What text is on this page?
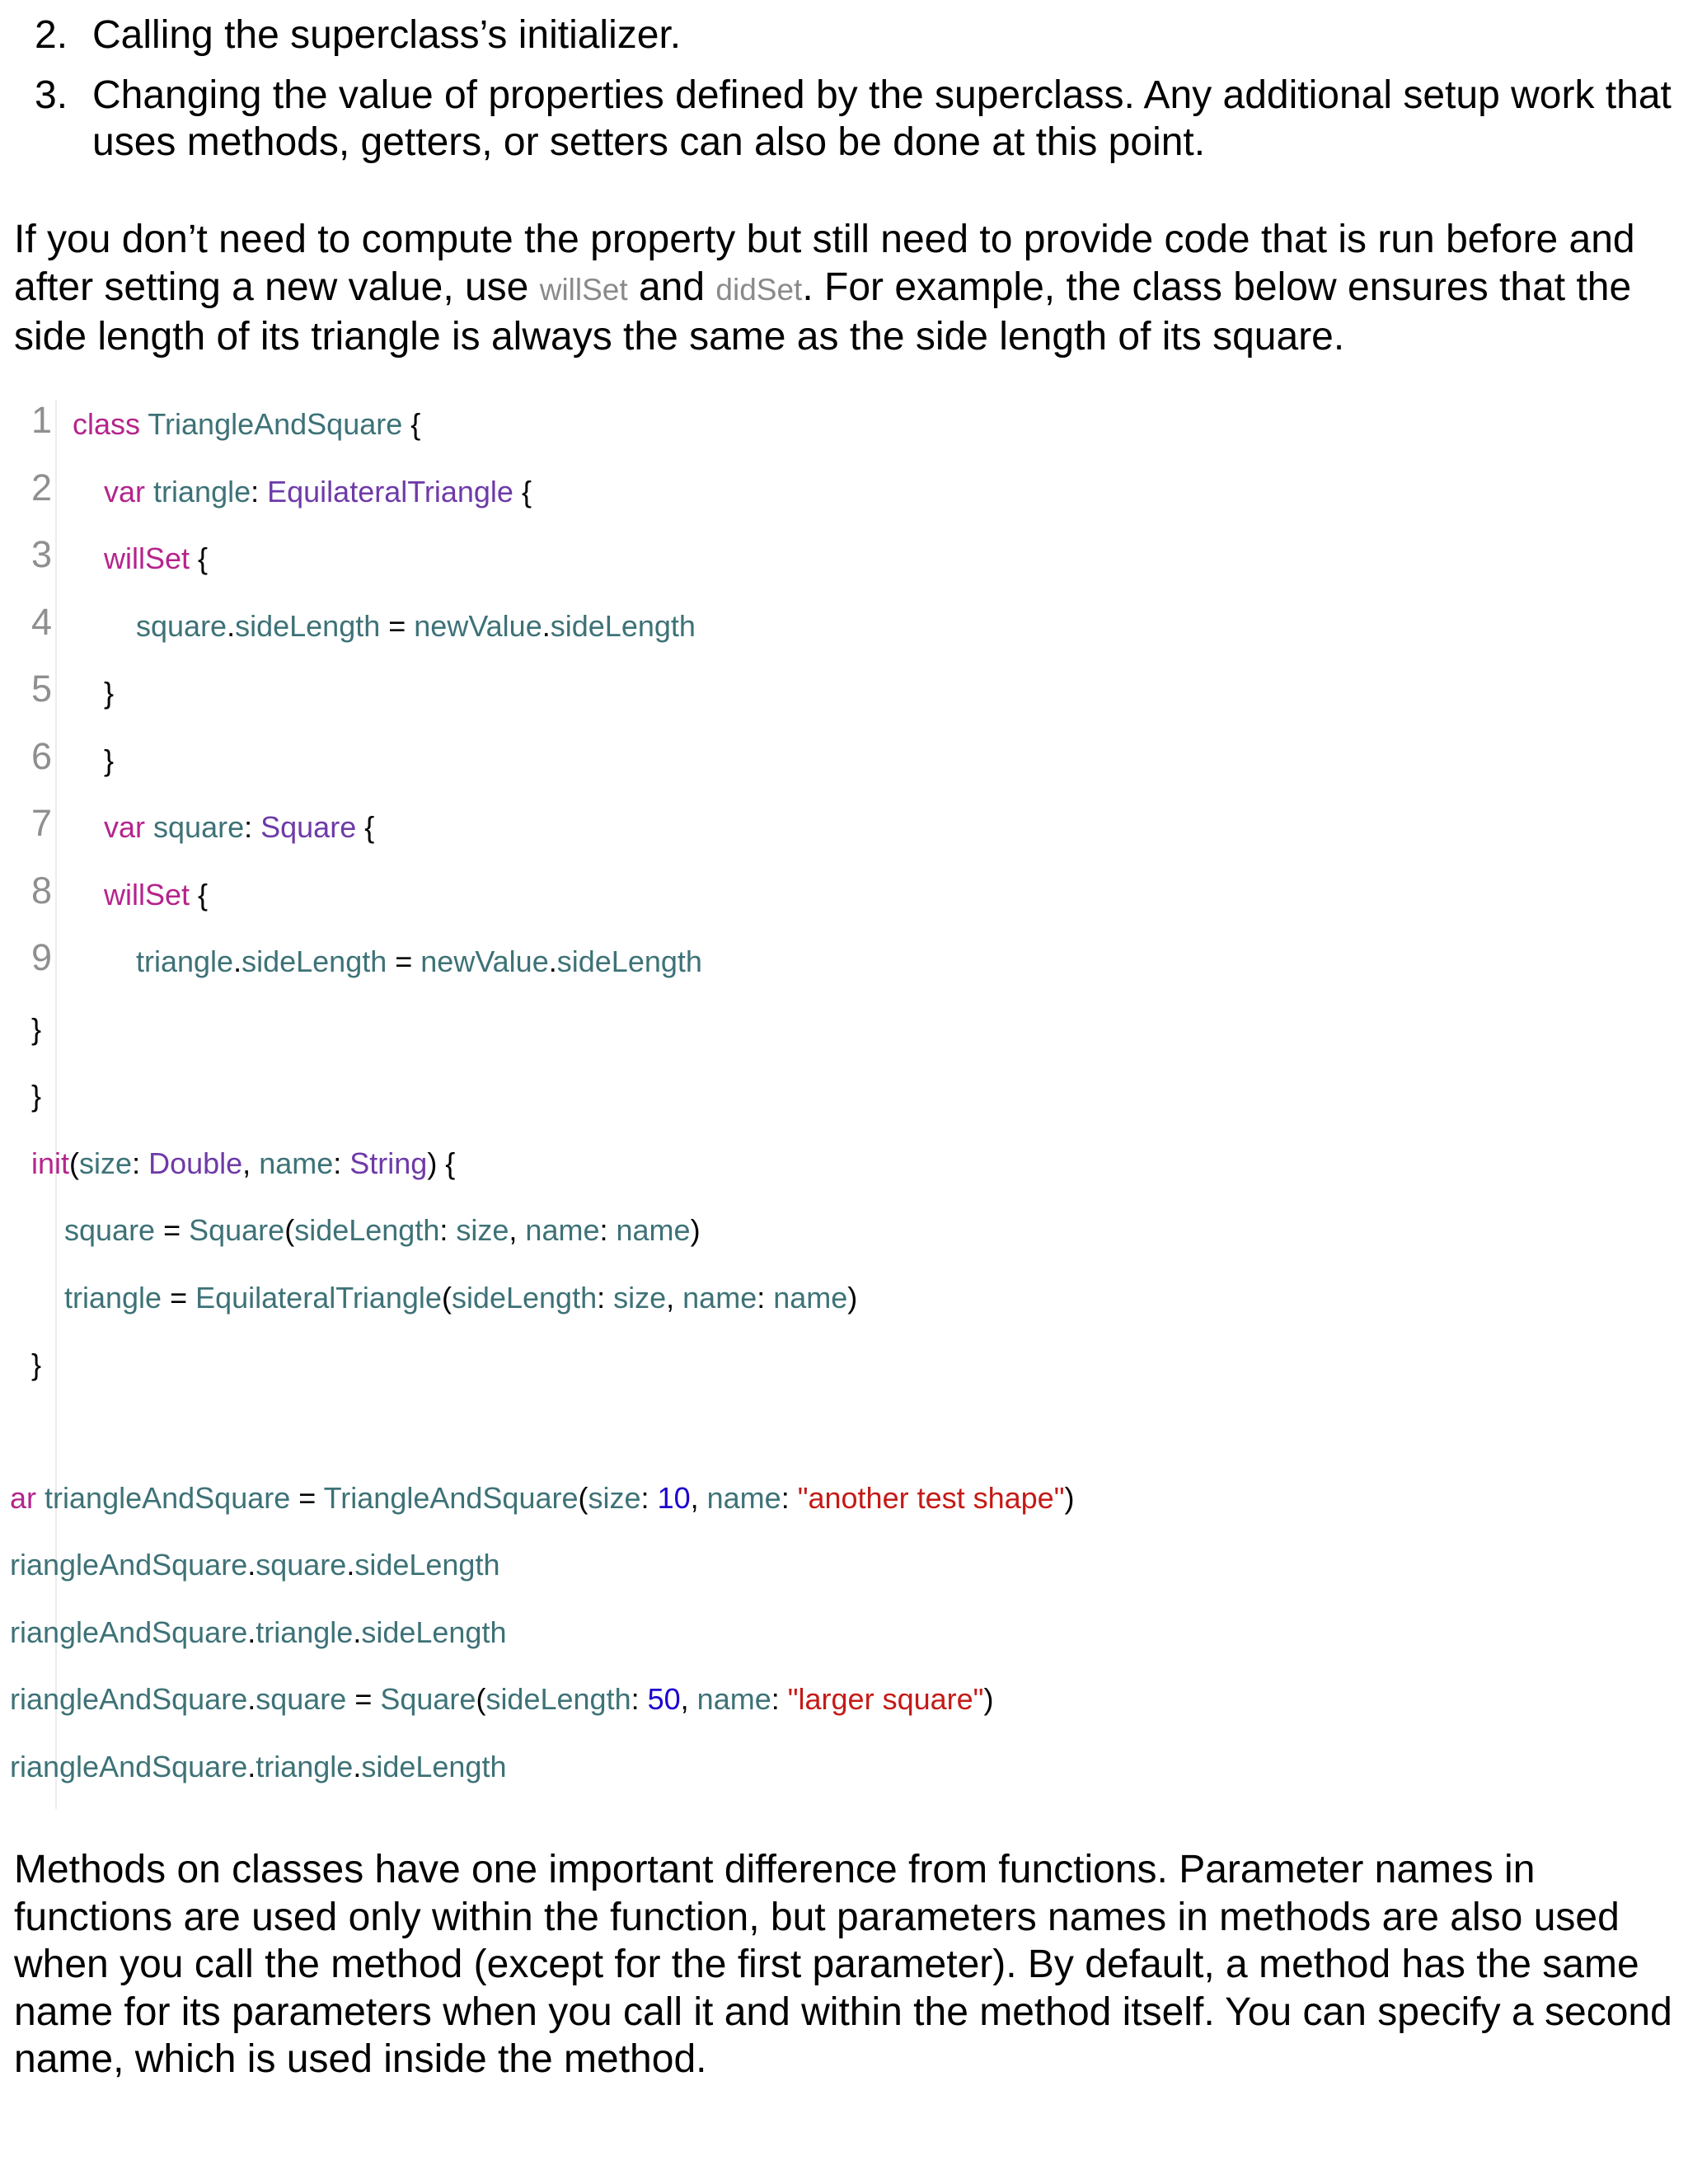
2. Calling the superclass’s initializer.
3. Changing the value of properties defined by the superclass. Any additional setup work that
uses methods, getters, or setters can also be done at this point.
If you don’t need to compute the property but still need to provide code that is run before and
after setting a new value, use willSet and didSet. For example, the class below ensures that the
side length of its triangle is always the same as the side length of its square.
1
2
3
4
5
6
7
8
9
class TriangleAndSquare {
var triangle: EquilateralTriangle {
willSet {
square.sideLength = newValue.sideLength
}
}
var square: Square {
willSet {
triangle.sideLength = newValue.sideLength
}
}
init(size: Double, name: String) {
square = Square(sideLength: size, name: name)
triangle = EquilateralTriangle(sideLength: size, name: name)
}
ar triangleAndSquare = TriangleAndSquare(size: 10, name: "another test shape")
riangleAndSquare.square.sideLength
riangleAndSquare.triangle.sideLength
riangleAndSquare.square = Square(sideLength: 50, name: "larger square")
riangleAndSquare.triangle.sideLength
Methods on classes have one important difference from functions. Parameter names in
functions are used only within the function, but parameters names in methods are also used
when you call the method (except for the first parameter). By default, a method has the same
name for its parameters when you call it and within the method itself. You can specify a second
name, which is used inside the method.
